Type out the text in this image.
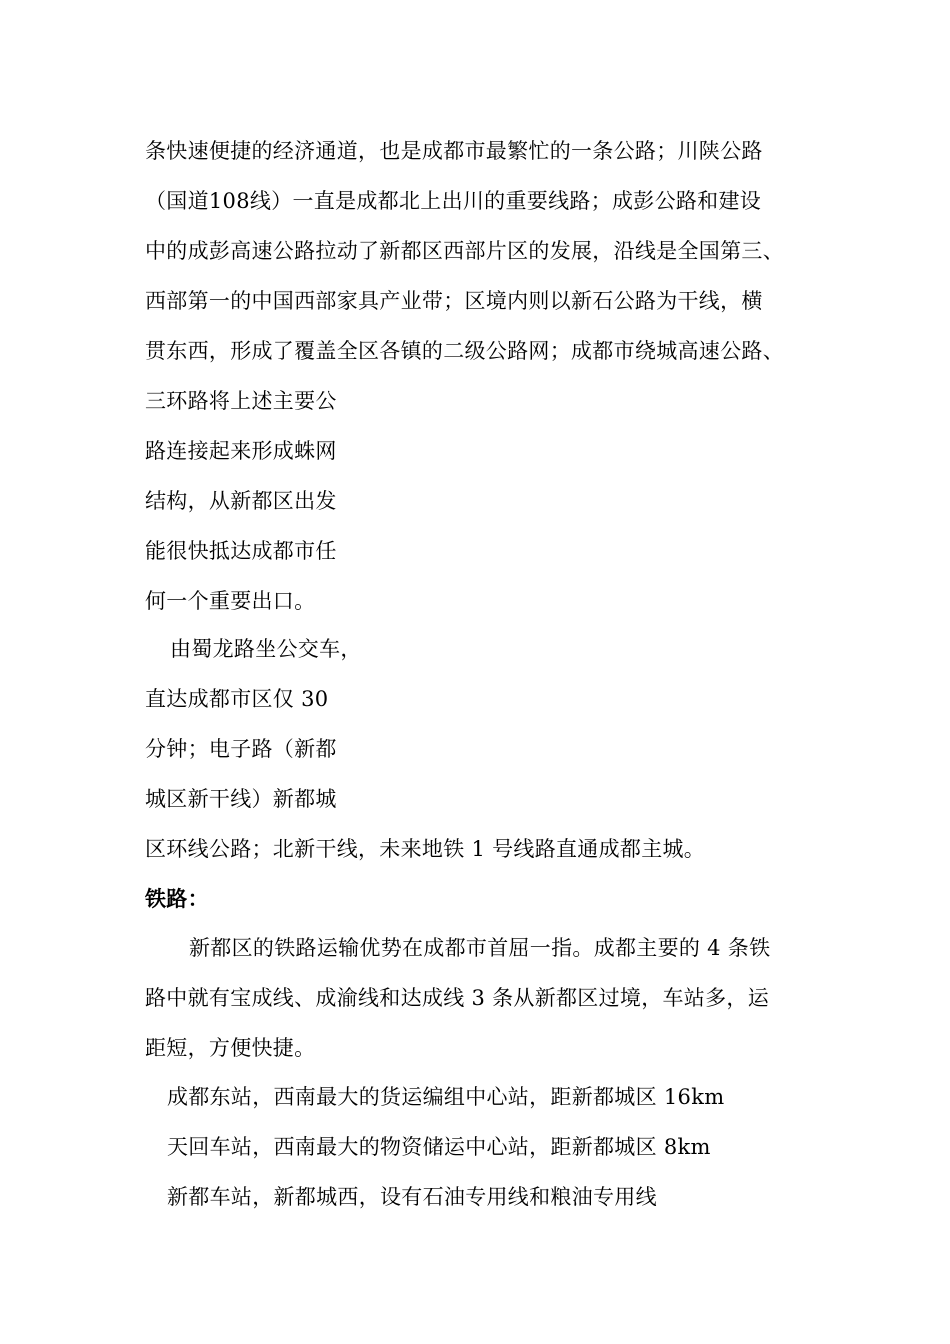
条快速便捷的经济通道，也是成都市最繁忙的一条公路；川陕公路
（国道108线）一直是成都北上出川的重要线路；成彭公路和建设
中的成彭高速公路拉动了新都区西部片区的发展，沿线是全国第三、
西部第一的中国西部家具产业带；区境内则以新石公路为干线，横
贯东西，形成了覆盖全区各镇的二级公路网；成都市绕城高速公路、
三环路将上述主要公
路连接起来形成蛛网
结构，从新都区出发
能很快抵达成都市任
何一个重要出口。
由蜀龙路坐公交车，
直达成都市区仅 30
分钟；电子路（新都
城区新干线）新都城
区环线公路；北新干线，未来地铁 1 号线路直通成都主城。
铁路：
新都区的铁路运输优势在成都市首屈一指。成都主要的 4 条铁
路中就有宝成线、成渝线和达成线 3 条从新都区过境，车站多，运
距短，方便快捷。
成都东站，西南最大的货运编组中心站，距新都城区 16km
天回车站，西南最大的物资储运中心站，距新都城区 8km
新都车站，新都城西，设有石油专用线和粮油专用线
